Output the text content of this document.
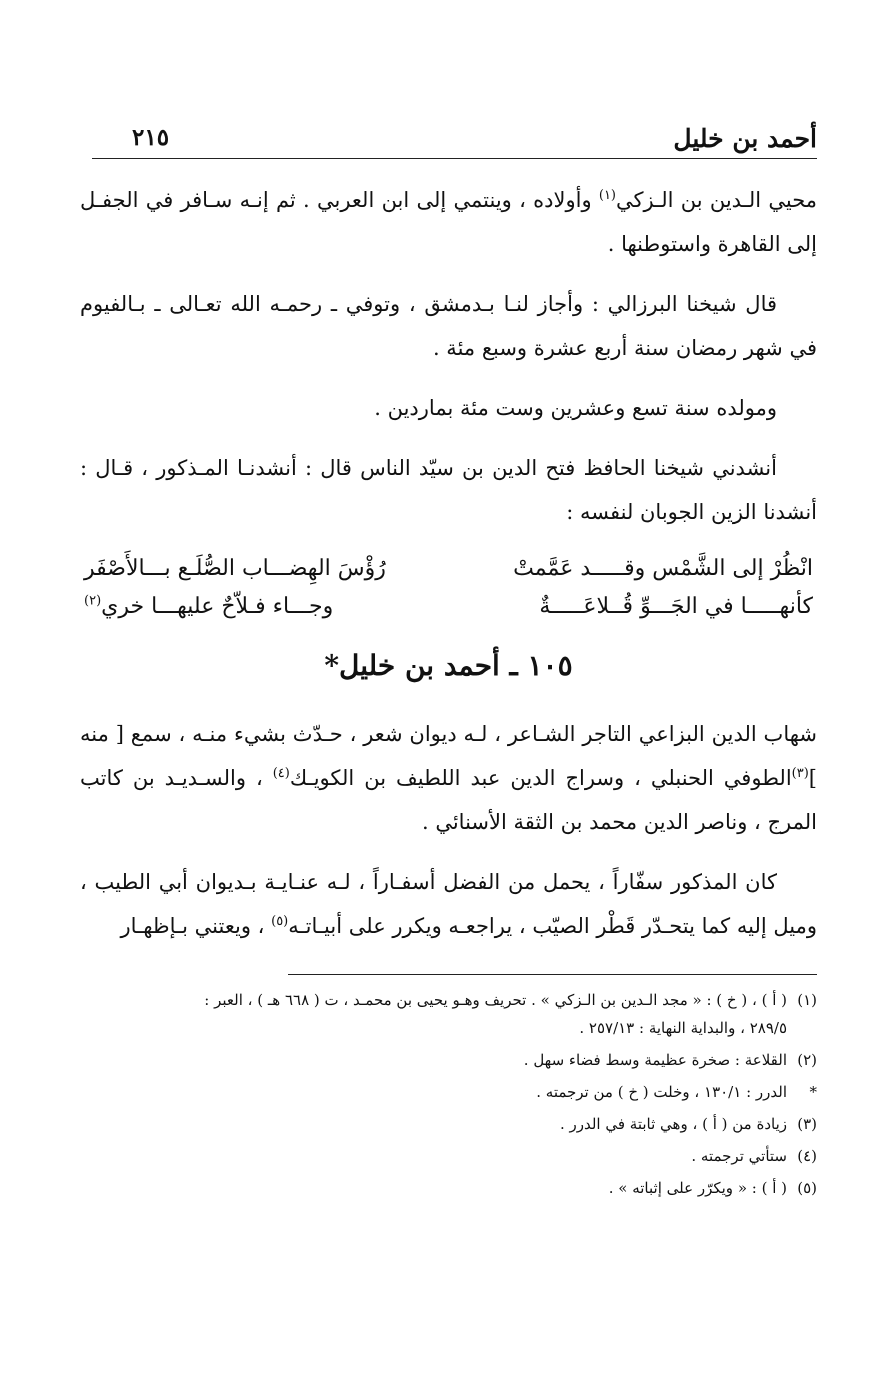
أحمد بن خليل
٢١٥

محيي الـدين بن الـزكي$^{(١)}$ وأولاده ، وينتمي إلى ابن العربي . ثم إنـه سـافر في الجفـل إلى القاهرة واستوطنها .

قال شيخنا البرزالي : وأجاز لنـا بـدمشق ، وتوفي ـ رحمـه الله تعـالى ـ بـالفيوم في شهر رمضان سنة أربع عشرة وسبع مئة .

ومولده سنة تسع وعشرين وست مئة بماردين .

أنشدني شيخنا الحافظ فتح الدين بن سيّد الناس قال : أنشدنـا المـذكور ، قـال : أنشدنا الزين الجوبان لنفسه :

انْظُرْ إلى الشَّمْس وقـــــد عَمَّمتْ
رُؤْسَ الهِضـــاب الصُّلَـع بـــالأَصْفَر
كأنهـــــا في الجَـــوِّ قُــلاعَـــــةٌ
وجـــاء فـلاّحٌ عليهـــا خري$^{(٢)}$
١٠٥ ـ أحمد بن خليل*

شهاب الدين البزاعي التاجر الشـاعر ، لـه ديوان شعر ، حـدّث بشيء منـه ، سمع [ منه ]$^{(٣)}$الطوفي الحنبلي ، وسراج الدين عبد اللطيف بن الكويـك$^{(٤)}$ ، والسـديـد بن كاتب المرج ، وناصر الدين محمد بن الثقة الأسنائي .

كان المذكور سفّاراً ، يحمل من الفضل أسفـاراً ، لـه عنـايـة بـديوان أبي الطيب ، وميل إليه كما يتحـدّر قَطْر الصيّب ، يراجعـه ويكرر على أبيـاتـه$^{(٥)}$ ، ويعتني بـإظهـار

(١)
( أ ) ، ( خ ) : « مجد الـدين بن الـزكي » . تحريف وهـو يحيى بن محمـد ، ت ( ٦٦٨ هـ ) ، العبر :
٢٨٩/٥ ، والبداية النهاية : ٢٥٧/١٣ .
(٢)
القلاعة : صخرة عظيمة وسط فضاء سهل .
*
الدرر : ١٣٠/١ ، وخلت ( خ ) من ترجمته .
(٣)
زيادة من ( أ ) ، وهي ثابتة في الدرر .
(٤)
ستأتي ترجمته .
(٥)
( أ ) : « ويكرّر على إثباته » .
